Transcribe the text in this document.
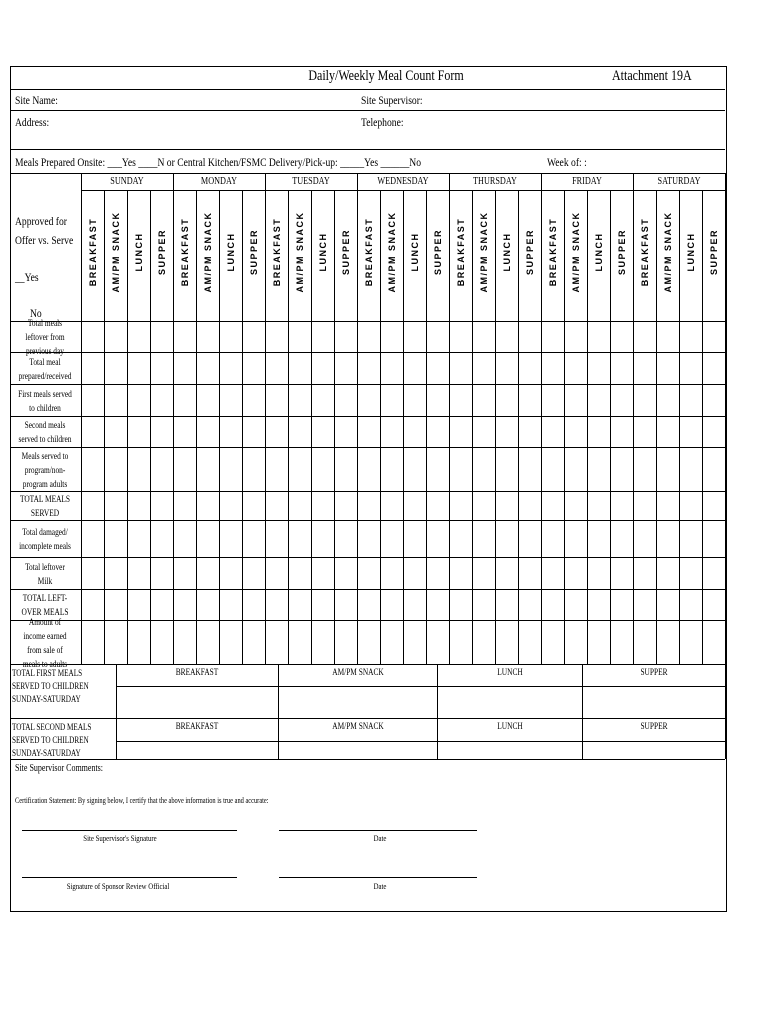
Daily/Weekly Meal Count Form	Attachment 19A
Site Name:	Site Supervisor:
Address:	Telephone:
Meals Prepared Onsite: ___Yes ____N or Central Kitchen/FSMC Delivery/Pick-up: _____Yes ______No	Week of: :
SUNDAY	MONDAY	TUESDAY	WEDNESDAY	THURSDAY	FRIDAY	SATURDAY
BREAKFAST AM/PM SNACK LUNCH SUPPER BREAKFAST AM/PM SNACK LUNCH SUPPER BREAKFAST AM/PM SNACK LUNCH SUPPER BREAKFAST AM/PM SNACK LUNCH SUPPER BREAKFAST AM/PM SNACK LUNCH SUPPER BREAKFAST AM/PM SNACK LUNCH SUPPER BREAKFAST AM/PM SNACK LUNCH SUPPER
Approved for
Offer vs. Serve
__Yes
No
Total meals leftover from previous day
Total meal prepared/received
First meals served to children
Second meals served to children
Meals served to program/non-program adults
TOTAL MEALS SERVED
Total damaged/ incomplete meals
Total leftover Milk
TOTAL LEFT-OVER MEALS
Amount of income earned from sale of meals to adults
TOTAL FIRST MEALS SERVED TO CHILDREN SUNDAY-SATURDAY
TOTAL SECOND MEALS SERVED TO CHILDREN SUNDAY-SATURDAY
BREAKFAST	AM/PM SNACK	LUNCH	SUPPER
BREAKFAST	AM/PM SNACK	LUNCH	SUPPER
Site Supervisor Comments:
Certification Statement: By signing below, I certify that the above information is true and accurate:
Site Supervisor's Signature	Date
Signature of Sponsor Review Official	Date
